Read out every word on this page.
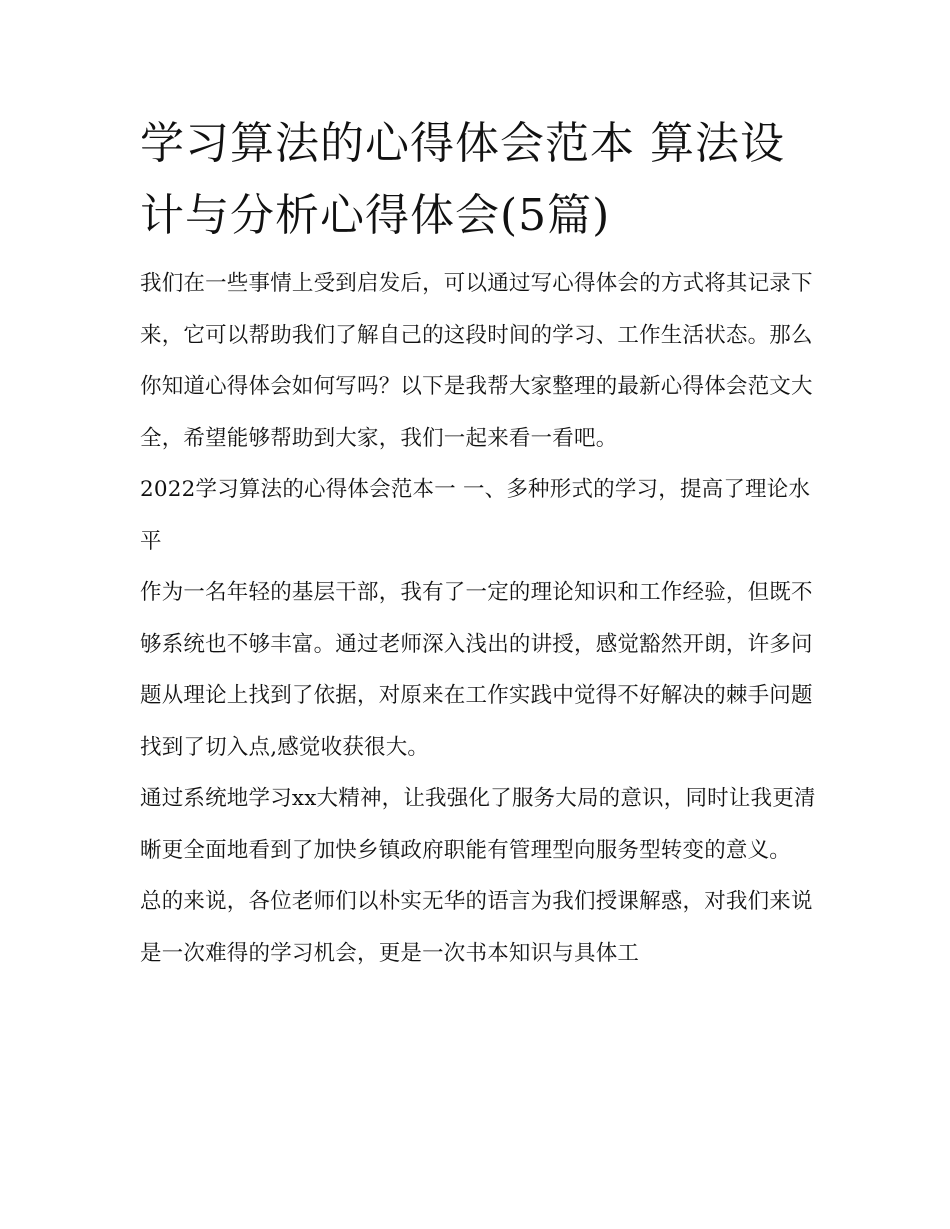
学习算法的心得体会范本 算法设计与分析心得体会(5篇)

我们在一些事情上受到启发后，可以通过写心得体会的方式将其记录下来，它可以帮助我们了解自己的这段时间的学习、工作生活状态。那么你知道心得体会如何写吗？以下是我帮大家整理的最新心得体会范文大全，希望能够帮助到大家，我们一起来看一看吧。

2022学习算法的心得体会范本一 一、多种形式的学习，提高了理论水平

作为一名年轻的基层干部，我有了一定的理论知识和工作经验，但既不够系统也不够丰富。通过老师深入浅出的讲授，感觉豁然开朗，许多问题从理论上找到了依据，对原来在工作实践中觉得不好解决的棘手问题找到了切入点,感觉收获很大。

通过系统地学习xx大精神，让我强化了服务大局的意识，同时让我更清晰更全面地看到了加快乡镇政府职能有管理型向服务型转变的意义。

总的来说，各位老师们以朴实无华的语言为我们授课解惑，对我们来说是一次难得的学习机会，更是一次书本知识与具体工
